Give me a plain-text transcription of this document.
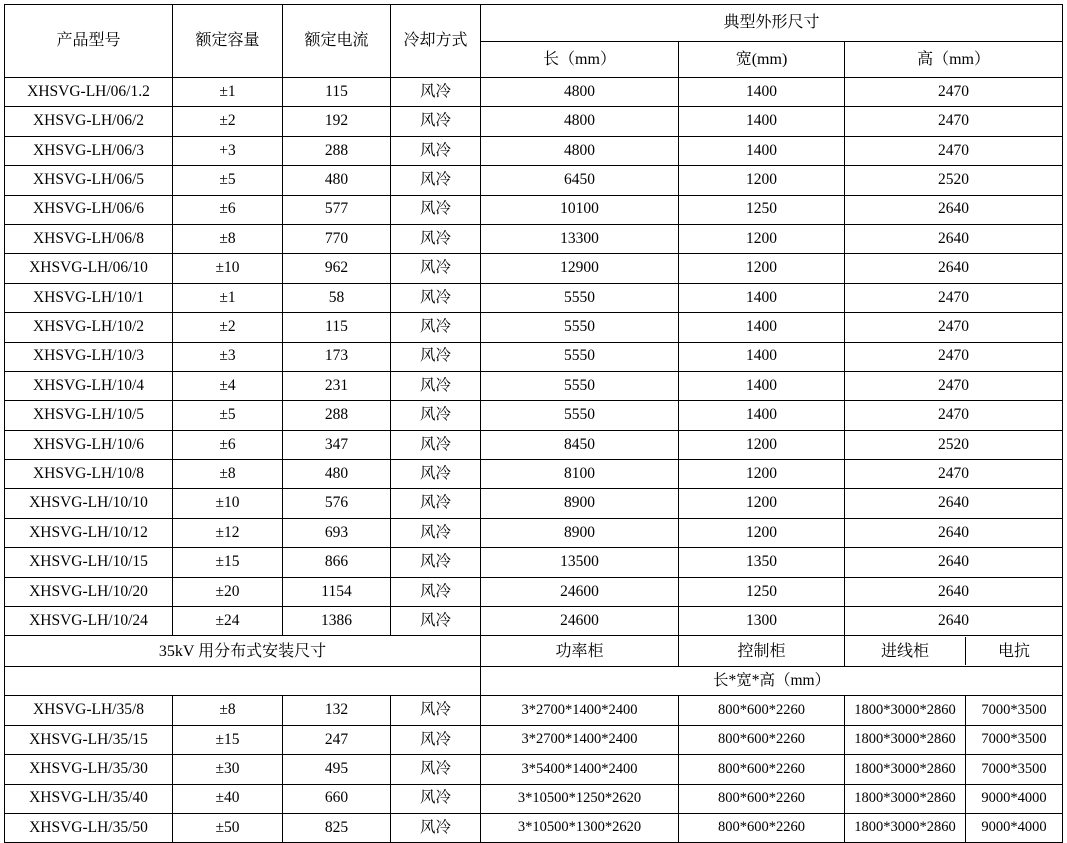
产品型号	额定容量	额定电流	冷却方式	典型外形尺寸
长（mm）	宽(mm)	高（mm）
XHSVG-LH/06/1.2	±1	115	风冷	4800	1400	2470
XHSVG-LH/06/2	±2	192	风冷	4800	1400	2470
XHSVG-LH/06/3	+3	288	风冷	4800	1400	2470
XHSVG-LH/06/5	±5	480	风冷	6450	1200	2520
XHSVG-LH/06/6	±6	577	风冷	10100	1250	2640
XHSVG-LH/06/8	±8	770	风冷	13300	1200	2640
XHSVG-LH/06/10	±10	962	风冷	12900	1200	2640
XHSVG-LH/10/1	±1	58	风冷	5550	1400	2470
XHSVG-LH/10/2	±2	115	风冷	5550	1400	2470
XHSVG-LH/10/3	±3	173	风冷	5550	1400	2470
XHSVG-LH/10/4	±4	231	风冷	5550	1400	2470
XHSVG-LH/10/5	±5	288	风冷	5550	1400	2470
XHSVG-LH/10/6	±6	347	风冷	8450	1200	2520
XHSVG-LH/10/8	±8	480	风冷	8100	1200	2470
XHSVG-LH/10/10	±10	576	风冷	8900	1200	2640
XHSVG-LH/10/12	±12	693	风冷	8900	1200	2640
XHSVG-LH/10/15	±15	866	风冷	13500	1350	2640
XHSVG-LH/10/20	±20	1154	风冷	24600	1250	2640
XHSVG-LH/10/24	±24	1386	风冷	24600	1300	2640
35kV 用分布式安装尺寸	功率柜	控制柜		进线柜	电抗

	长*宽*高（mm）
XHSVG-LH/35/8	±8	132	风冷	3*2700*1400*2400	800*600*2260		1800*3000*2860	7000*3500

XHSVG-LH/35/15	±15	247	风冷	3*2700*1400*2400	800*600*2260		1800*3000*2860	7000*3500

XHSVG-LH/35/30	±30	495	风冷	3*5400*1400*2400	800*600*2260		1800*3000*2860	7000*3500

XHSVG-LH/35/40	±40	660	风冷	3*10500*1250*2620	800*600*2260		1800*3000*2860	9000*4000

XHSVG-LH/35/50	±50	825	风冷	3*10500*1300*2620	800*600*2260		1800*3000*2860	9000*4000
